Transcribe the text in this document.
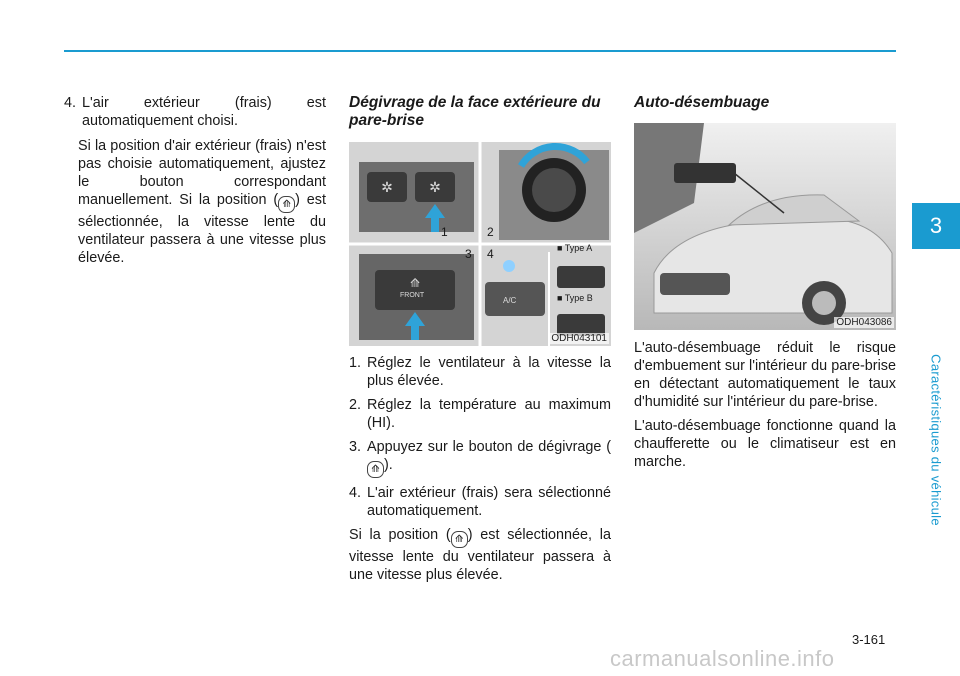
3
Caractéristiques du véhicule
4. L'air extérieur (frais) est
automatiquement choisi.

Si la position d'air extérieur (frais) n'est pas choisie automatiquement, ajustez le bouton correspondant manuellement. Si la position ( ⟰ ) est sélectionnée, la vitesse lente du ventilateur passera à une vitesse plus élevée.

Dégivrage de la face extérieure du pare-brise
✲	✲
⟰
1	2
3 4	■ Type A
■ Type B
FRONT
A/C
ODH043101
1. Réglez le ventilateur à la vitesse la plus élevée.
2. Réglez la température au maximum (HI).
3. Appuyez sur le bouton de dégivrage (⟰ ).
4. L'air extérieur (frais) sera sélectionné automatiquement.

Si la position ( ⟰ ) est sélectionnée, la vitesse lente du ventilateur passera à une vitesse plus élevée.

Auto-désembuage
ODH043086

L'auto-désembuage réduit le risque d'embuement sur l'intérieur du pare-brise en détectant automatiquement le taux d'humidité sur l'intérieur du pare-brise.

L'auto-désembuage fonctionne quand la chaufferette ou le climatiseur est en marche.

3-161
carmanualsonline.info
